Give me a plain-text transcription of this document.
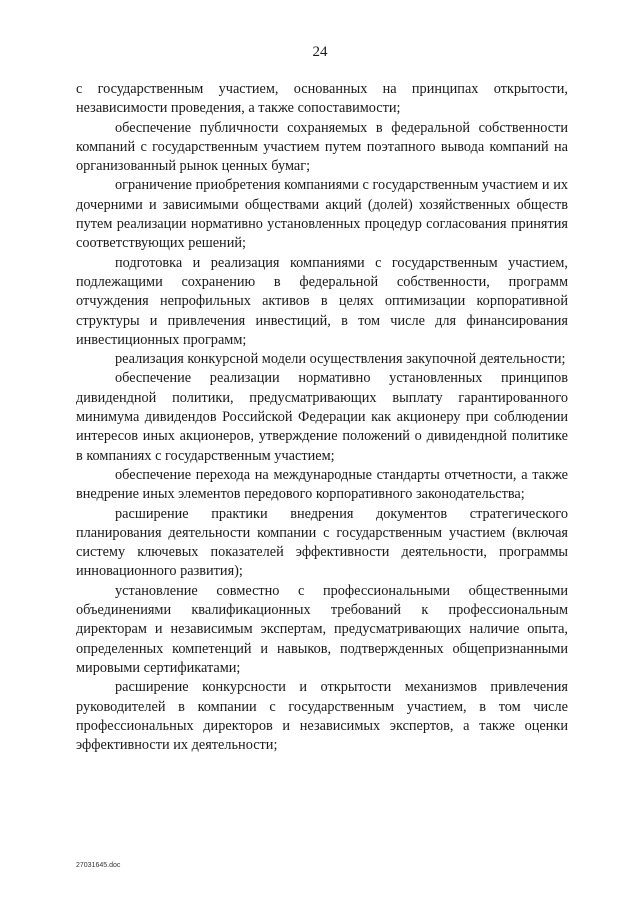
24

с государственным участием, основанных на принципах открытости, независимости проведения, а также сопоставимости;

обеспечение публичности сохраняемых в федеральной собственности компаний с государственным участием путем поэтапного вывода компаний на организованный рынок ценных бумаг;

ограничение приобретения компаниями с государственным участием и их дочерними и зависимыми обществами акций (долей) хозяйственных обществ путем реализации нормативно установленных процедур согласования принятия соответствующих решений;

подготовка и реализация компаниями с государственным участием, подлежащими сохранению в федеральной собственности, программ отчуждения непрофильных активов в целях оптимизации корпоративной структуры и привлечения инвестиций, в том числе для финансирования инвестиционных программ;

реализация конкурсной модели осуществления закупочной деятельности;

обеспечение реализации нормативно установленных принципов дивидендной политики, предусматривающих выплату гарантированного минимума дивидендов Российской Федерации как акционеру при соблюдении интересов иных акционеров, утверждение положений о дивидендной политике в компаниях с государственным участием;

обеспечение перехода на международные стандарты отчетности, а также внедрение иных элементов передового корпоративного законодательства;

расширение практики внедрения документов стратегического планирования деятельности компании с государственным участием (включая систему ключевых показателей эффективности деятельности, программы инновационного развития);

установление совместно с профессиональными общественными объединениями квалификационных требований к профессиональным директорам и независимым экспертам, предусматривающих наличие опыта, определенных компетенций и навыков, подтвержденных общепризнанными мировыми сертификатами;

расширение конкурсности и открытости механизмов привлечения руководителей в компании с государственным участием, в том числе профессиональных директоров и независимых экспертов, а также оценки эффективности их деятельности;

27031645.doc
